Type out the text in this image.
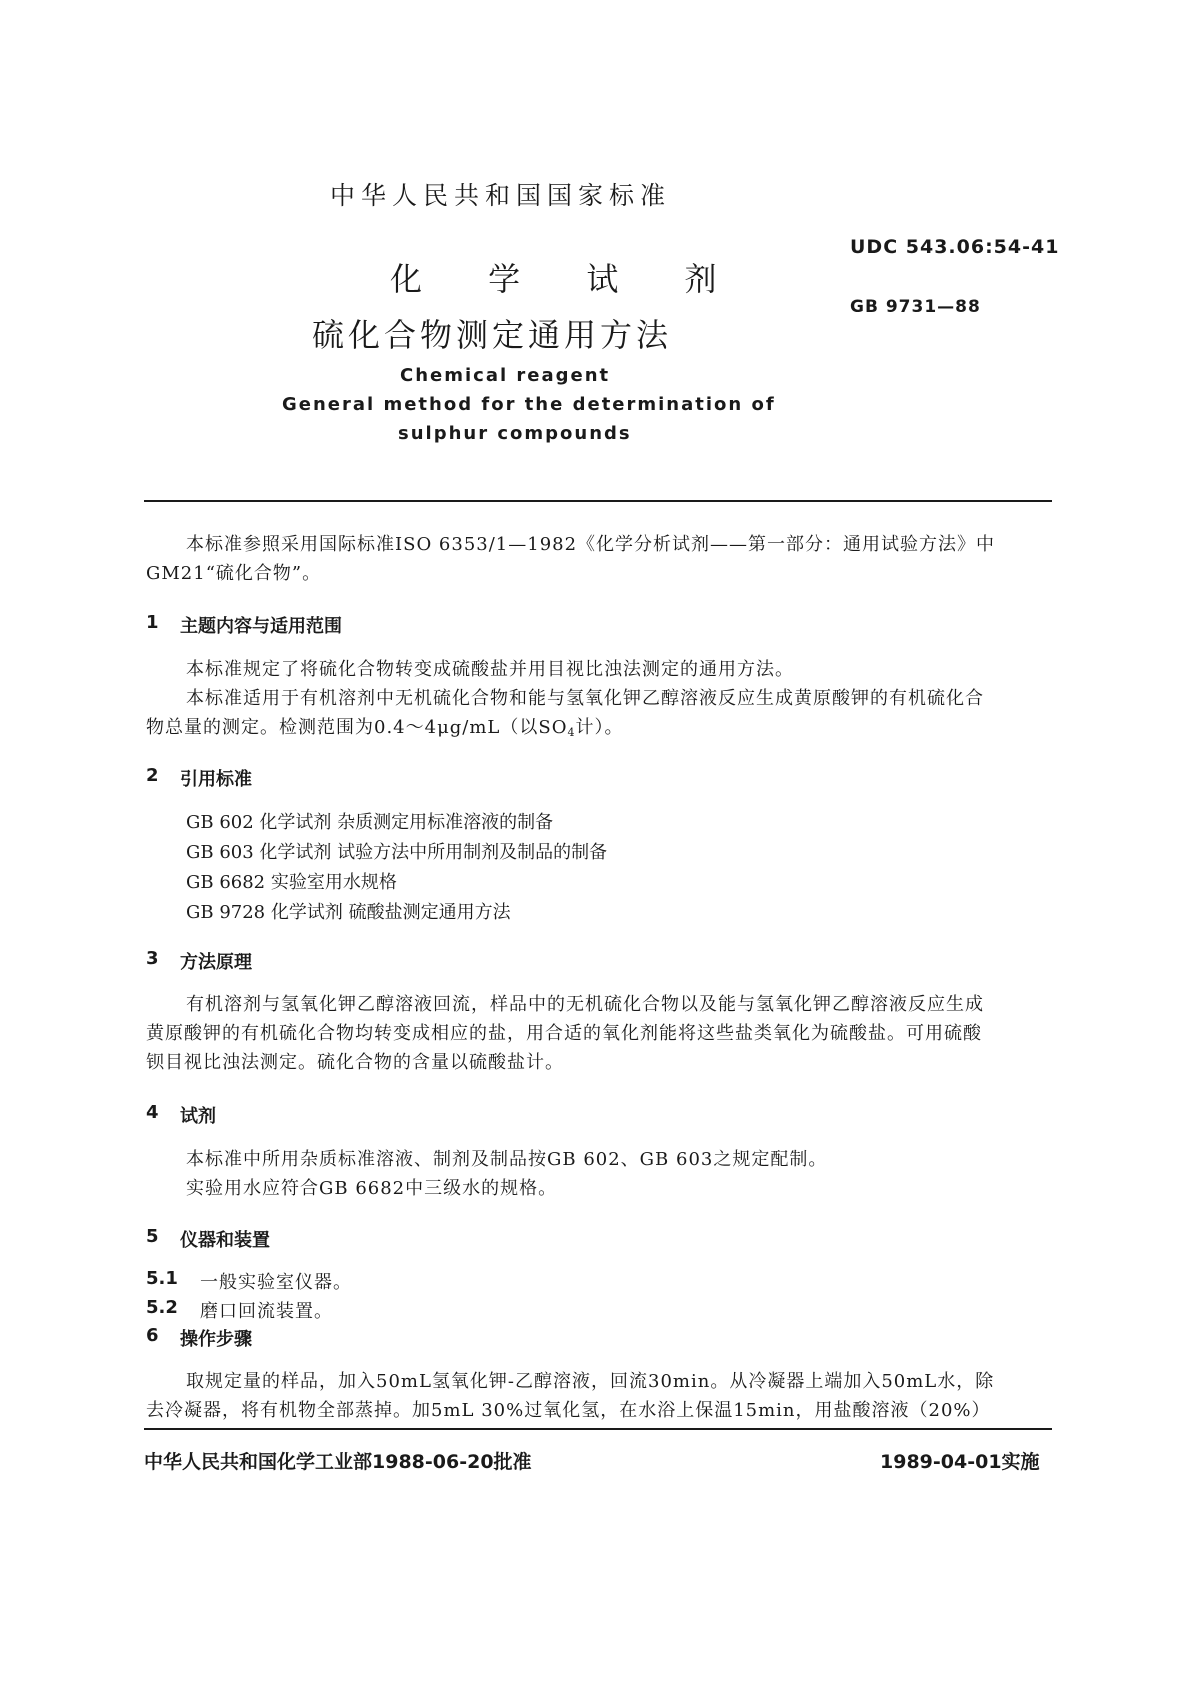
中华人民共和国国家标准
UDC 543.06:54-41
化 学 试 剂
GB 9731—88
硫化合物测定通用方法
Chemical reagent
General method for the determination of
sulphur compounds
本标准参照采用国际标准ISO 6353/1—1982《化学分析试剂——第一部分：通用试验方法》中
GM21“硫化合物”。
1 主题内容与适用范围
本标准规定了将硫化合物转变成硫酸盐并用目视比浊法测定的通用方法。
本标准适用于有机溶剂中无机硫化合物和能与氢氧化钾乙醇溶液反应生成黄原酸钾的有机硫化合
物总量的测定。检测范围为0.4～4μg/mL（以SO4计）。
2 引用标准
GB 602 化学试剂 杂质测定用标准溶液的制备
GB 603 化学试剂 试验方法中所用制剂及制品的制备
GB 6682 实验室用水规格
GB 9728 化学试剂 硫酸盐测定通用方法
3 方法原理
有机溶剂与氢氧化钾乙醇溶液回流，样品中的无机硫化合物以及能与氢氧化钾乙醇溶液反应生成
黄原酸钾的有机硫化合物均转变成相应的盐，用合适的氧化剂能将这些盐类氧化为硫酸盐。可用硫酸
钡目视比浊法测定。硫化合物的含量以硫酸盐计。
4 试剂
本标准中所用杂质标准溶液、制剂及制品按GB 602、GB 603之规定配制。
实验用水应符合GB 6682中三级水的规格。
5 仪器和装置
5.1 一般实验室仪器。
5.2 磨口回流装置。
6 操作步骤
取规定量的样品，加入50mL氢氧化钾-乙醇溶液，回流30min。从冷凝器上端加入50mL水，除
去冷凝器，将有机物全部蒸掉。加5mL 30%过氧化氢，在水浴上保温15min，用盐酸溶液（20%）
中华人民共和国化学工业部1988-06-20批准	1989-04-01实施
